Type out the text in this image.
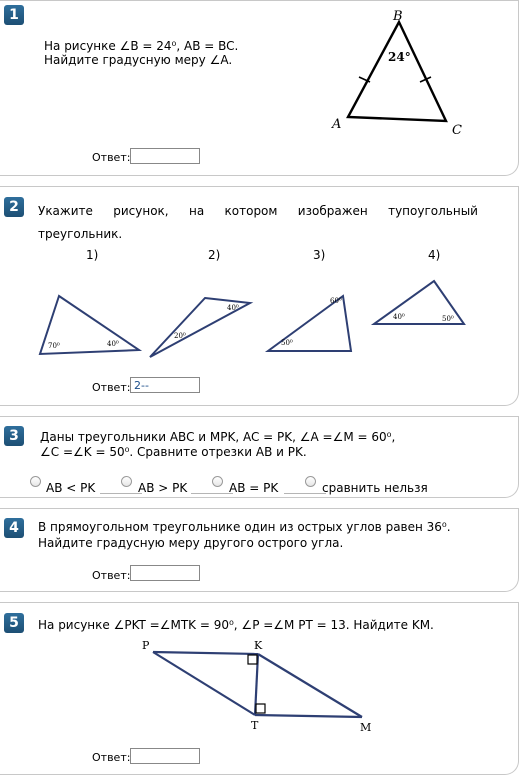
1
На рисунке ∠B = 24⁰, AB = BC.
Найдите градусную меру ∠A.
B
A	C
24°
Ответ:
2	Укажите рисунок, на котором изображен тупоугольный
треугольник.
1)	2)	3)	4)
70⁰	40⁰
40⁰
20⁰
60⁰
50⁰
40⁰	50⁰
Ответ: 2--
3	Даны треугольники ABC и MPK, AC = PK, ∠A =∠M = 60⁰,
∠C =∠K = 50⁰. Сравните отрезки AB и PK.
AB < PK	AB > PK	AB = PK	сравнить нельзя
4	В прямоугольном треугольнике один из острых углов равен 36⁰.
Найдите градусную меру другого острого угла.
Ответ:
5	На рисунке ∠PKT =∠MTK = 90⁰, ∠P =∠M PT = 13. Найдите KM.
P	K
T	M
Ответ:
